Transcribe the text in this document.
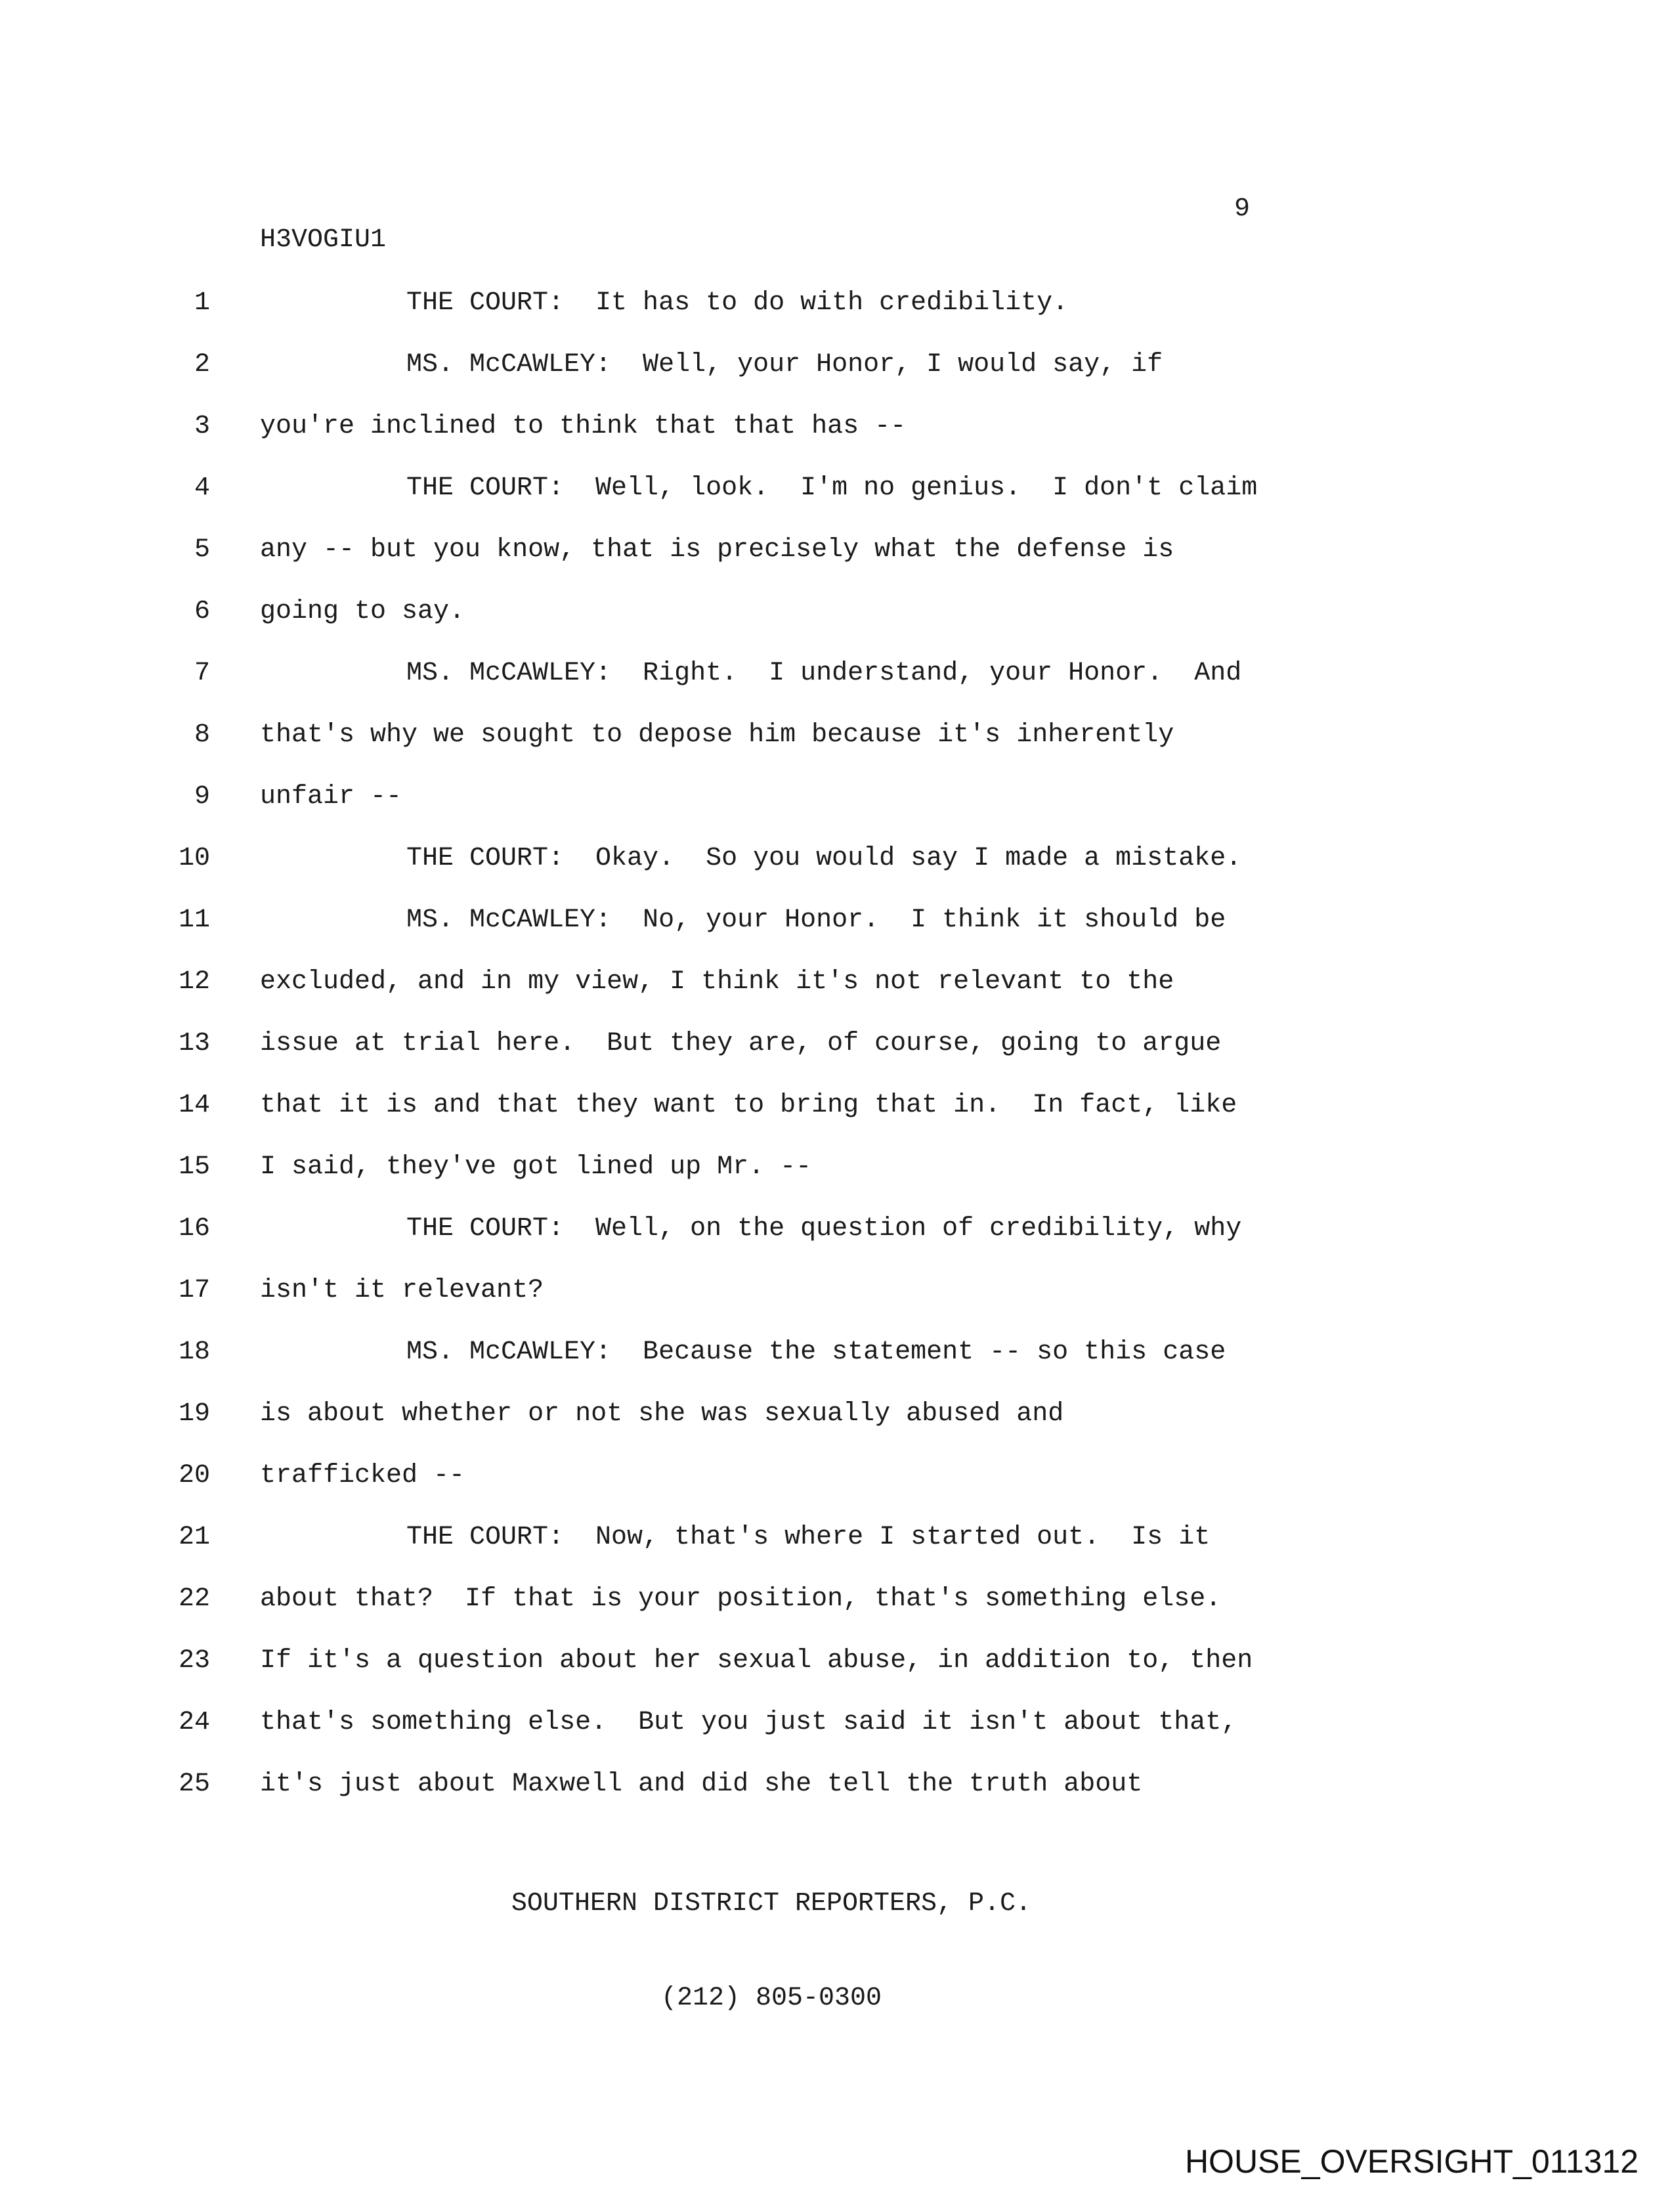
9
H3VOGIU1
1	THE COURT:  It has to do with credibility.
2	MS. McCAWLEY:  Well, your Honor, I would say, if
3 you're inclined to think that that has --
4	THE COURT:  Well, look.  I'm no genius.  I don't claim
5 any -- but you know, that is precisely what the defense is
6 going to say.
7	MS. McCAWLEY:  Right.  I understand, your Honor.  And
8 that's why we sought to depose him because it's inherently
9 unfair --
10	THE COURT:  Okay.  So you would say I made a mistake.
11	MS. McCAWLEY:  No, your Honor.  I think it should be
12 excluded, and in my view, I think it's not relevant to the
13 issue at trial here.  But they are, of course, going to argue
14 that it is and that they want to bring that in.  In fact, like
15 I said, they've got lined up Mr. --
16	THE COURT:  Well, on the question of credibility, why
17 isn't it relevant?
18	MS. McCAWLEY:  Because the statement -- so this case
19 is about whether or not she was sexually abused and
20 trafficked --
21	THE COURT:  Now, that's where I started out.  Is it
22 about that?  If that is your position, that's something else.
23 If it's a question about her sexual abuse, in addition to, then
24 that's something else.  But you just said it isn't about that,
25 it's just about Maxwell and did she tell the truth about

SOUTHERN DISTRICT REPORTERS, P.C.

(212) 805-0300

HOUSE_OVERSIGHT_011312
